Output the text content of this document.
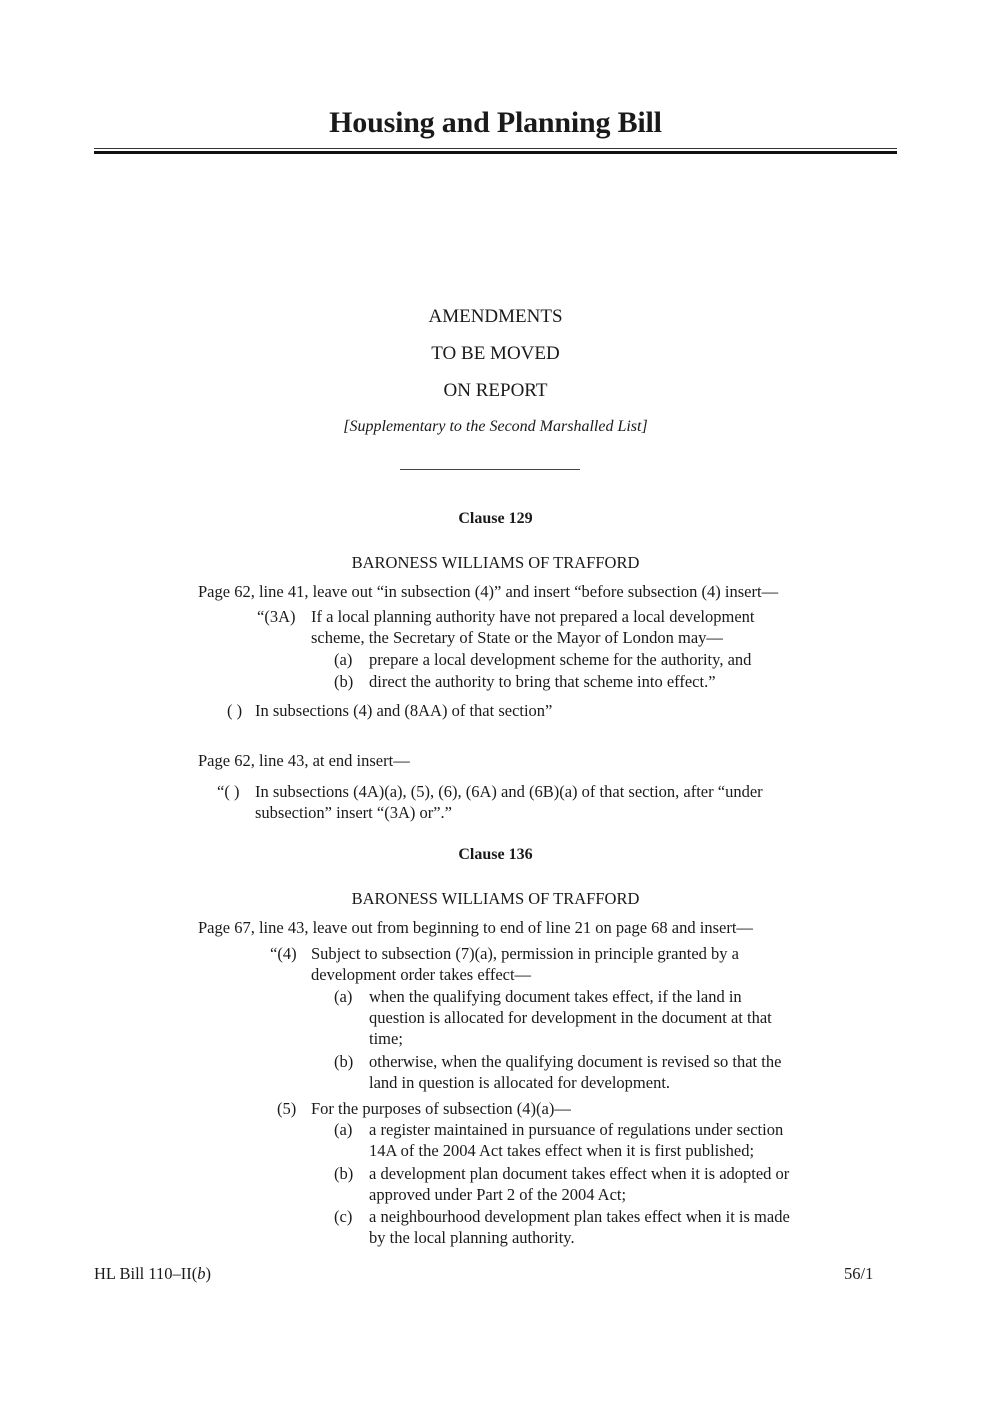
Housing and Planning Bill
AMENDMENTS
TO BE MOVED
ON REPORT
[Supplementary to the Second Marshalled List]
Clause 129
BARONESS WILLIAMS OF TRAFFORD
Page 62, line 41, leave out “in subsection (4)” and insert “before subsection (4) insert—
“(3A) If a local planning authority have not prepared a local development
scheme, the Secretary of State or the Mayor of London may—
(a) prepare a local development scheme for the authority, and
(b) direct the authority to bring that scheme into effect.”
( ) In subsections (4) and (8AA) of that section”
Page 62, line 43, at end insert—
“( ) In subsections (4A)(a), (5), (6), (6A) and (6B)(a) of that section, after “under
subsection” insert “(3A) or”.”
Clause 136
BARONESS WILLIAMS OF TRAFFORD
Page 67, line 43, leave out from beginning to end of line 21 on page 68 and insert—
“(4) Subject to subsection (7)(a), permission in principle granted by a
development order takes effect—
(a) when the qualifying document takes effect, if the land in
question is allocated for development in the document at that
time;
(b) otherwise, when the qualifying document is revised so that the
land in question is allocated for development.
(5) For the purposes of subsection (4)(a)—
(a) a register maintained in pursuance of regulations under section
14A of the 2004 Act takes effect when it is first published;
(b) a development plan document takes effect when it is adopted or
approved under Part 2 of the 2004 Act;
(c) a neighbourhood development plan takes effect when it is made
by the local planning authority.
HL Bill 110–II(b)	56/1
